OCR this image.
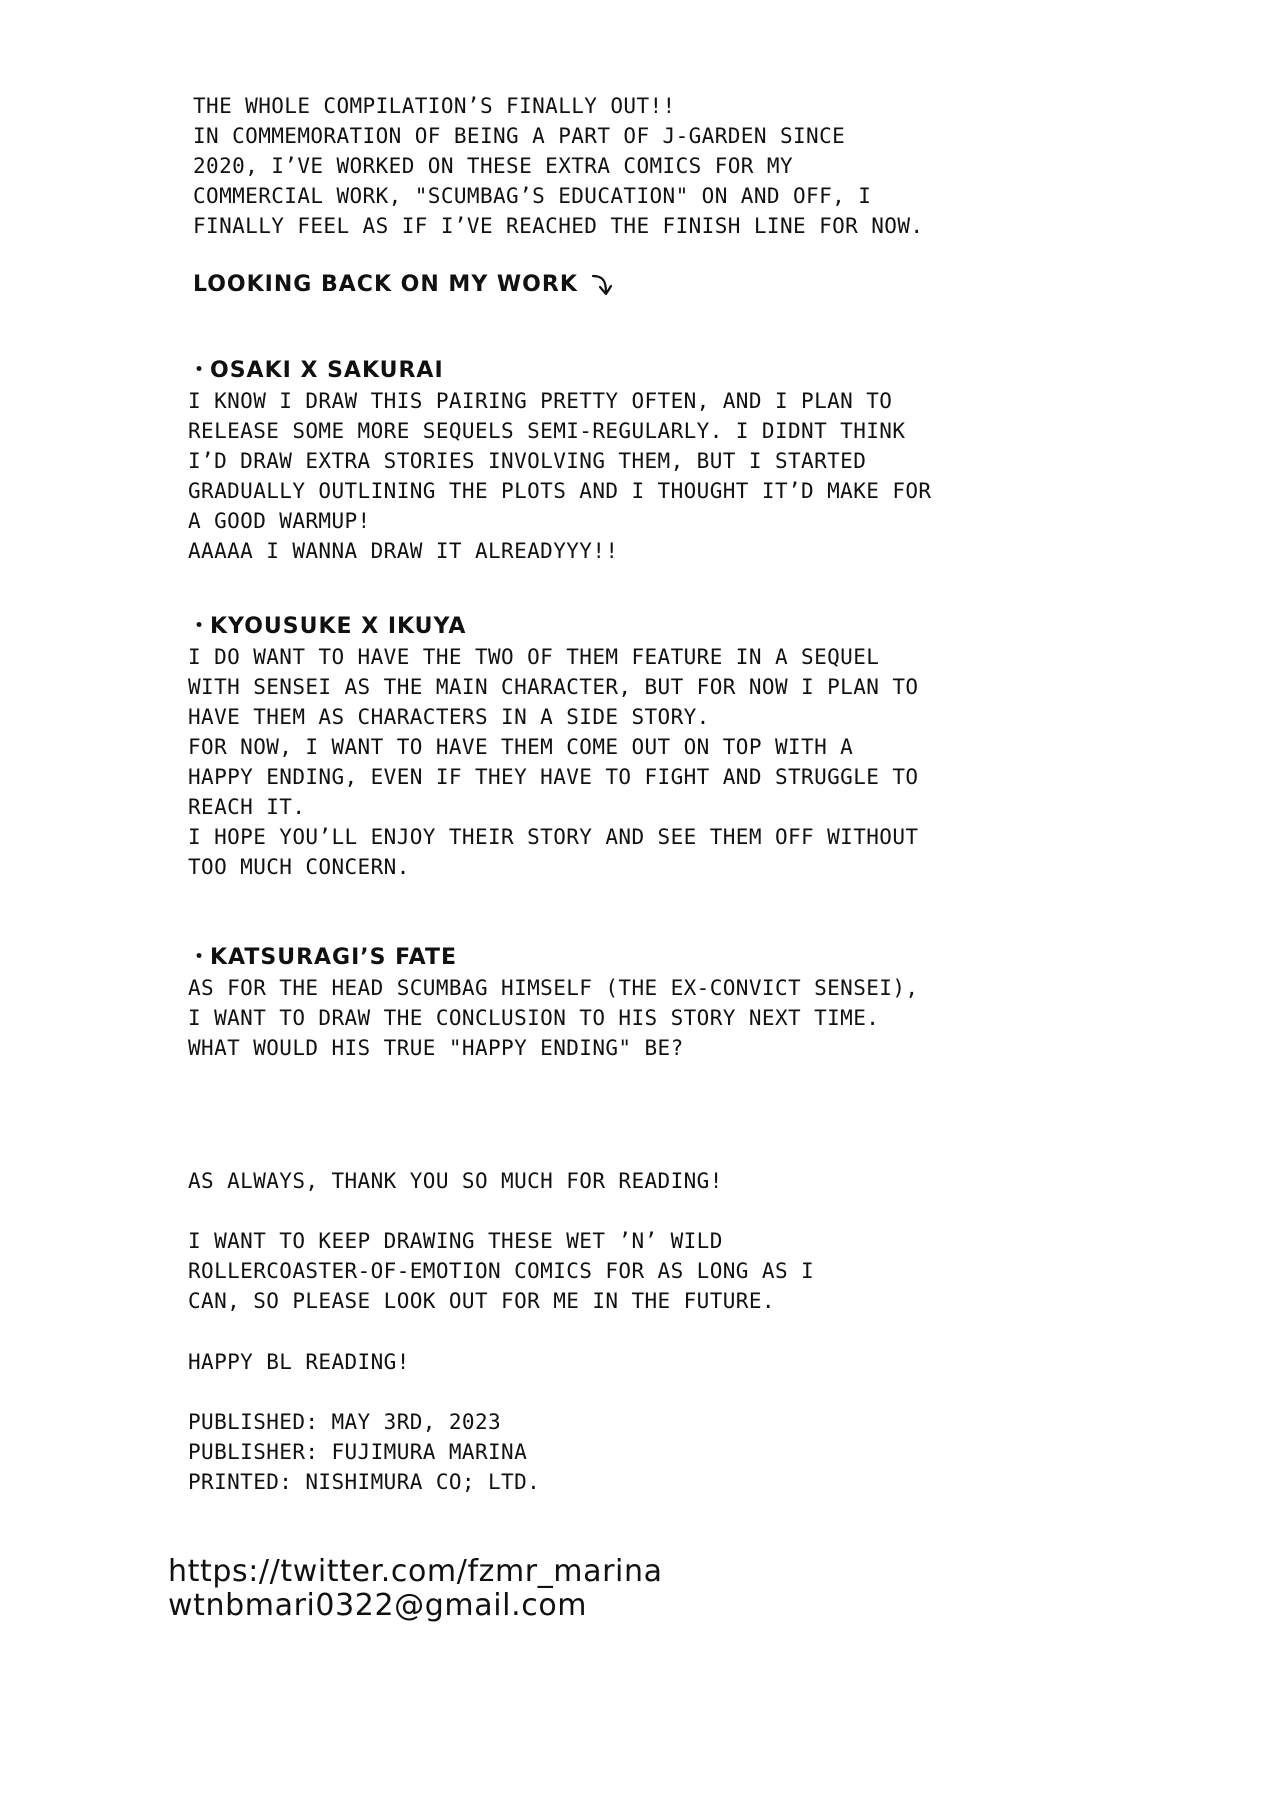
THE WHOLE COMPILATION’S FINALLY OUT!!
IN COMMEMORATION OF BEING A PART OF J-GARDEN SINCE
2020, I’VE WORKED ON THESE EXTRA COMICS FOR MY
COMMERCIAL WORK, "SCUMBAG’S EDUCATION" ON AND OFF, I
FINALLY FEEL AS IF I’VE REACHED THE FINISH LINE FOR NOW.
LOOKING BACK ON MY WORK
・OSAKI X SAKURAI
I KNOW I DRAW THIS PAIRING PRETTY OFTEN, AND I PLAN TO
RELEASE SOME MORE SEQUELS SEMI-REGULARLY. I DIDNT THINK
I’D DRAW EXTRA STORIES INVOLVING THEM, BUT I STARTED
GRADUALLY OUTLINING THE PLOTS AND I THOUGHT IT’D MAKE FOR
A GOOD WARMUP!
AAAAA I WANNA DRAW IT ALREADYYY!!
・KYOUSUKE X IKUYA
I DO WANT TO HAVE THE TWO OF THEM FEATURE IN A SEQUEL
WITH SENSEI AS THE MAIN CHARACTER, BUT FOR NOW I PLAN TO
HAVE THEM AS CHARACTERS IN A SIDE STORY.
FOR NOW, I WANT TO HAVE THEM COME OUT ON TOP WITH A
HAPPY ENDING, EVEN IF THEY HAVE TO FIGHT AND STRUGGLE TO
REACH IT.
I HOPE YOU’LL ENJOY THEIR STORY AND SEE THEM OFF WITHOUT
TOO MUCH CONCERN.
・KATSURAGI’S FATE
AS FOR THE HEAD SCUMBAG HIMSELF (THE EX-CONVICT SENSEI),
I WANT TO DRAW THE CONCLUSION TO HIS STORY NEXT TIME.
WHAT WOULD HIS TRUE "HAPPY ENDING" BE?
AS ALWAYS, THANK YOU SO MUCH FOR READING!
I WANT TO KEEP DRAWING THESE WET ’N’ WILD
ROLLERCOASTER-OF-EMOTION COMICS FOR AS LONG AS I
CAN, SO PLEASE LOOK OUT FOR ME IN THE FUTURE.
HAPPY BL READING!
PUBLISHED: MAY 3RD, 2023
PUBLISHER: FUJIMURA MARINA
PRINTED: NISHIMURA CO; LTD.
https://twitter.com/fzmr_marina
wtnbmari0322@gmail.com
